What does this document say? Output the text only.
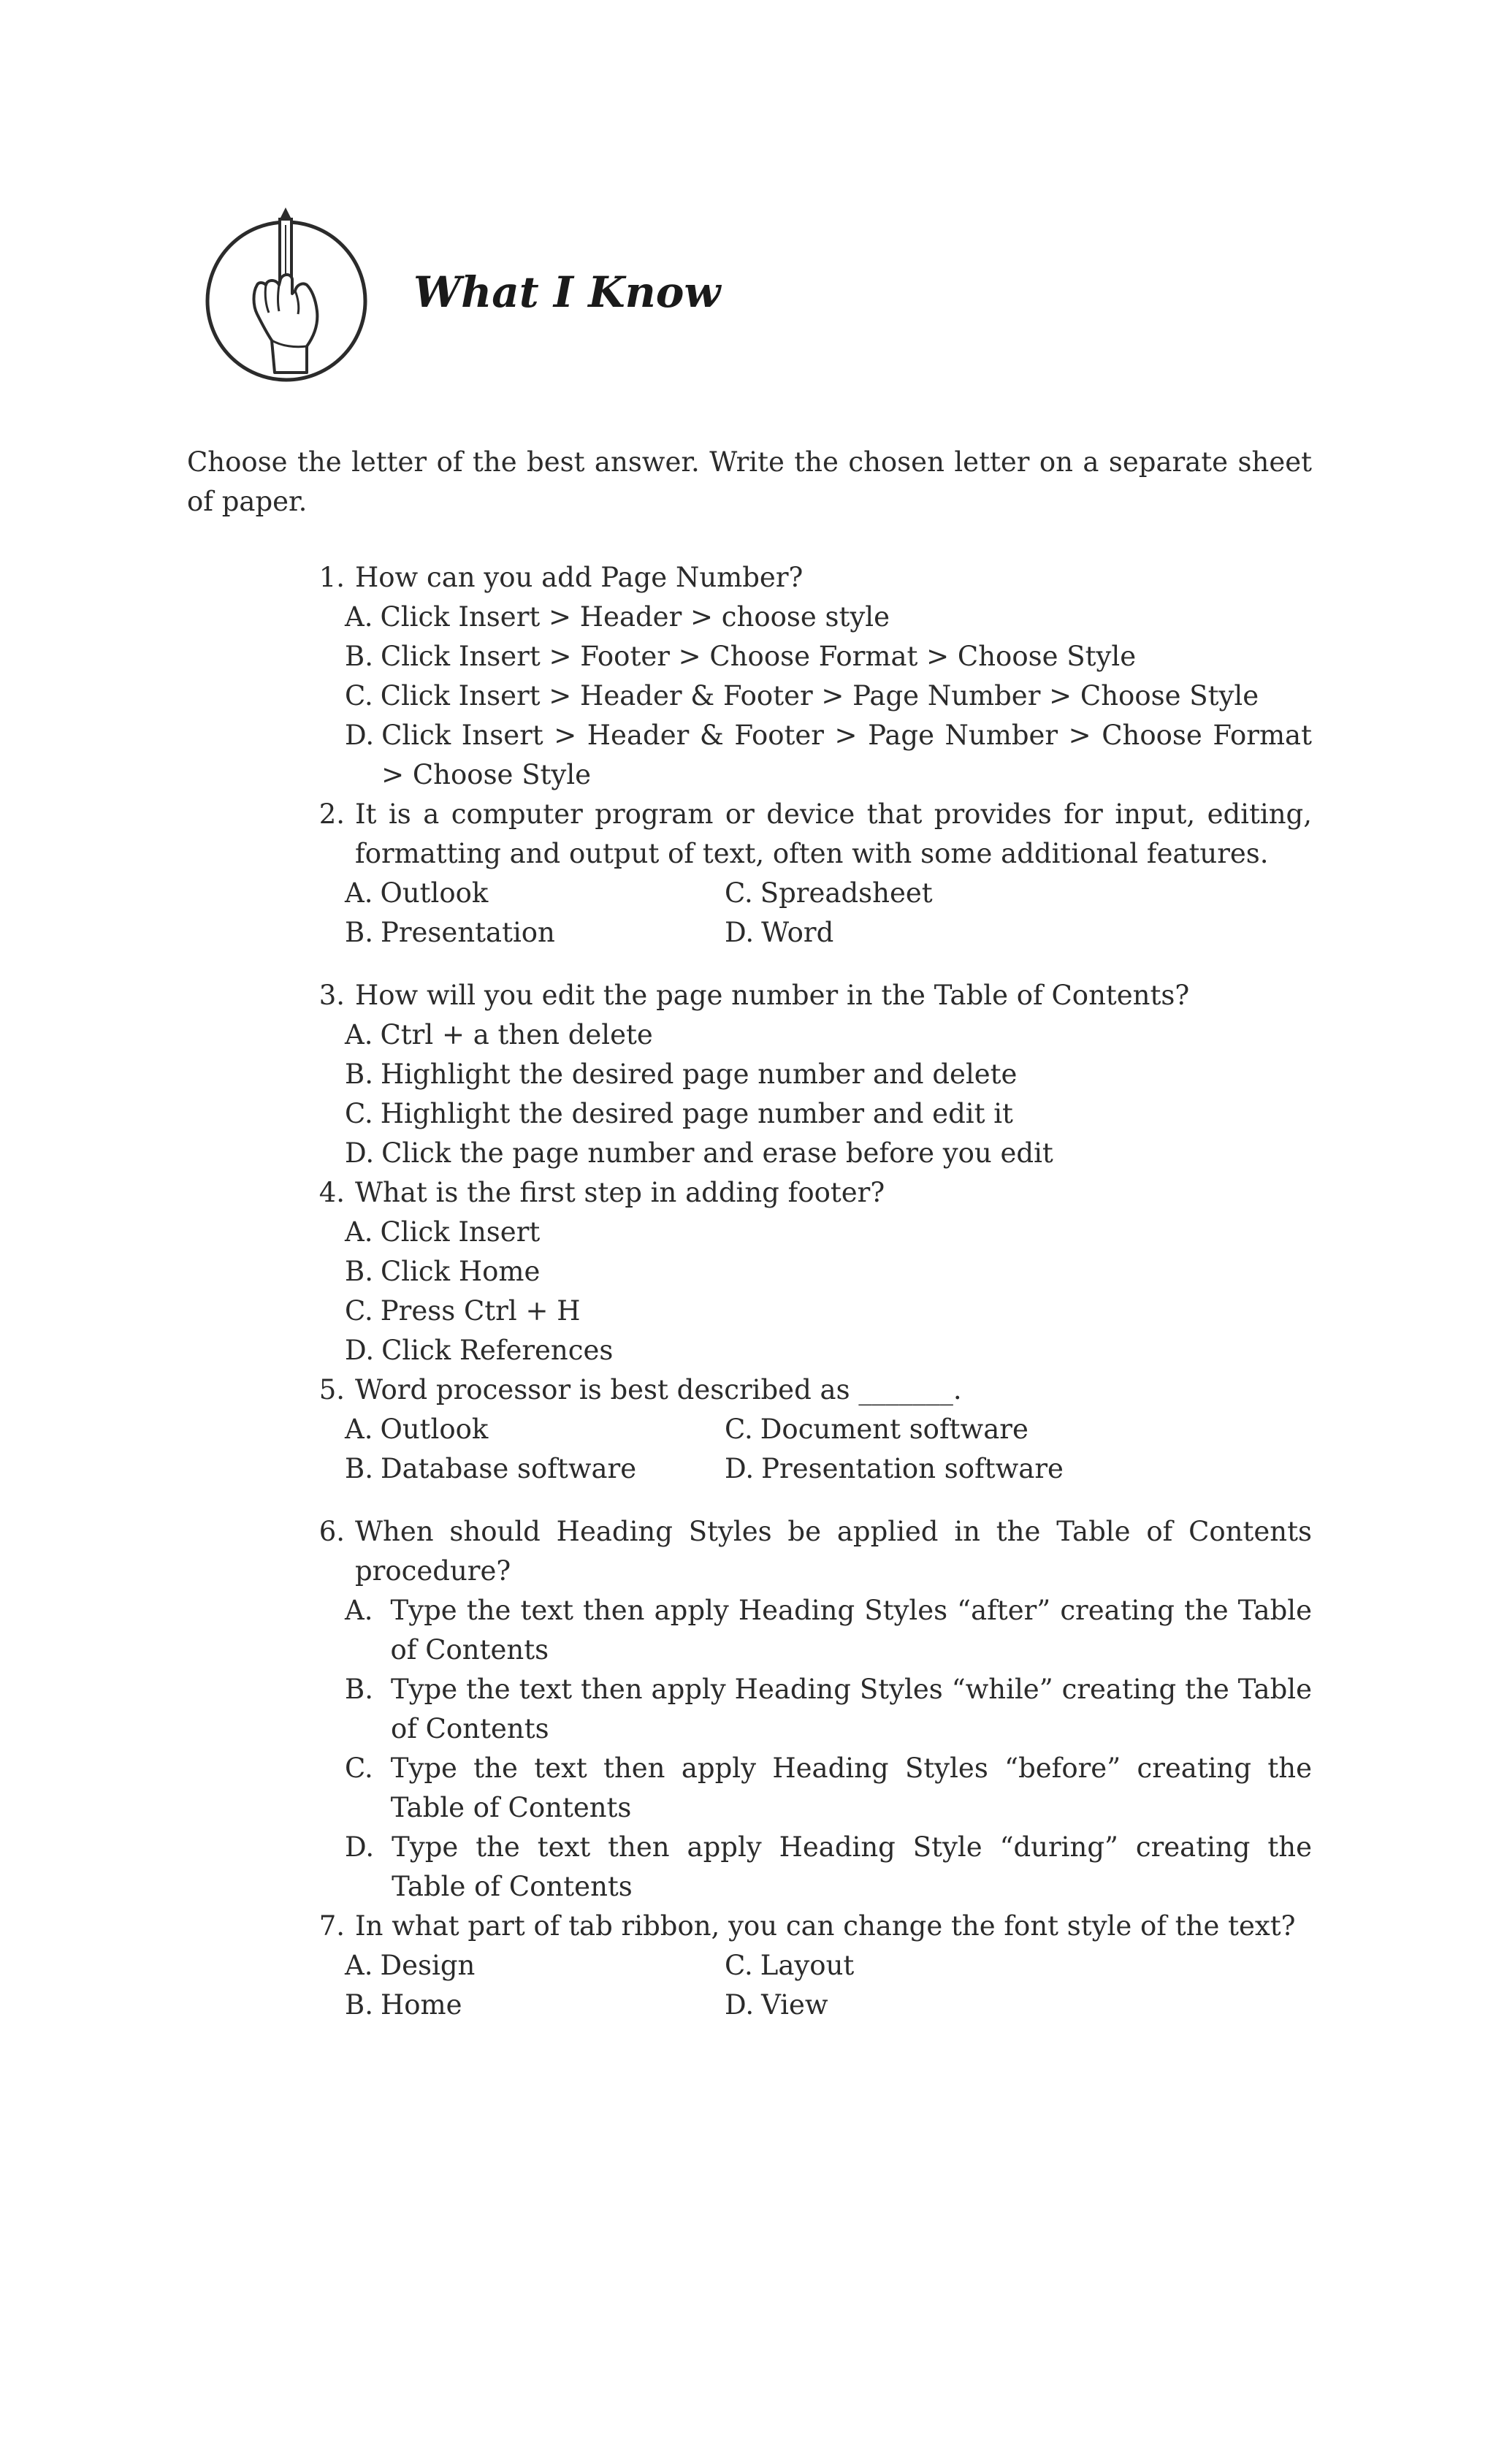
What I Know

Choose the letter of the best answer. Write the chosen letter on a separate sheet of paper.

1. How can you add Page Number?
A. Click Insert > Header > choose style
B. Click Insert > Footer > Choose Format > Choose Style
C. Click Insert > Header & Footer > Page Number > Choose Style
D. Click Insert > Header & Footer > Page Number > Choose Format > Choose Style
2. It is a computer program or device that provides for input, editing, formatting and output of text, often with some additional features.
A. Outlook	C. Spreadsheet
B. Presentation	D. Word
3. How will you edit the page number in the Table of Contents?
A. Ctrl + a then delete
B. Highlight the desired page number and delete
C. Highlight the desired page number and edit it
D. Click the page number and erase before you edit
4. What is the first step in adding footer?
A. Click Insert
B. Click Home
C. Press Ctrl + H
D. Click References
5. Word processor is best described as _______.
A. Outlook	C. Document software
B. Database software	D. Presentation software
6. When should Heading Styles be applied in the Table of Contents procedure?
A. Type the text then apply Heading Styles “after” creating the Table of Contents
B. Type the text then apply Heading Styles “while” creating the Table of Contents
C. Type the text then apply Heading Styles “before” creating the Table of Contents
D. Type the text then apply Heading Style “during” creating the Table of Contents
7. In what part of tab ribbon, you can change the font style of the text?
A. Design	C. Layout
B. Home	D. View
